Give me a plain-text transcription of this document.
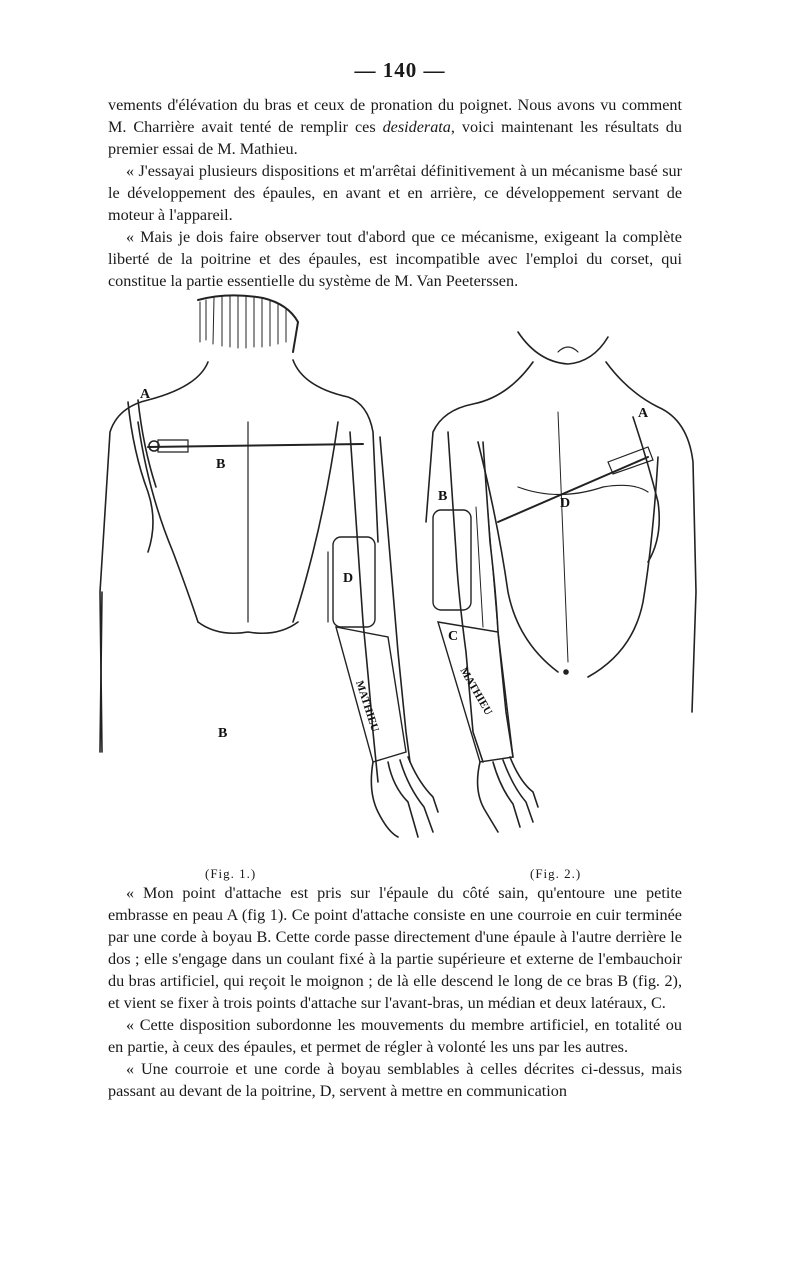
— 140 —

vements d'élévation du bras et ceux de pronation du poignet. Nous avons vu comment M. Charrière avait tenté de remplir ces desiderata, voici maintenant les résultats du premier essai de M. Mathieu.

« J'essayai plusieurs dispositions et m'arrêtai définitivement à un mécanisme basé sur le développement des épaules, en avant et en arrière, ce développement servant de moteur à l'appareil.

« Mais je dois faire observer tout d'abord que ce mécanisme, exigeant la complète liberté de la poitrine et des épaules, est incompatible avec l'emploi du corset, qui constitue la partie essentielle du système de M. Van Peeterssen.

A
B
D
B
MATHIEU
A
B	D
C
MATHIEU
(Fig. 1.)	(Fig. 2.)

« Mon point d'attache est pris sur l'épaule du côté sain, qu'entoure une petite embrasse en peau A (fig 1). Ce point d'attache consiste en une courroie en cuir terminée par une corde à boyau B. Cette corde passe directement d'une épaule à l'autre derrière le dos ; elle s'engage dans un coulant fixé à la partie supérieure et externe de l'embauchoir du bras artificiel, qui reçoit le moignon ; de là elle descend le long de ce bras B (fig. 2), et vient se fixer à trois points d'attache sur l'avant-bras, un médian et deux latéraux, C.

« Cette disposition subordonne les mouvements du membre artificiel, en totalité ou en partie, à ceux des épaules, et permet de régler à volonté les uns par les autres.

« Une courroie et une corde à boyau semblables à celles décrites ci-dessus, mais passant au devant de la poitrine, D, servent à mettre en communication
